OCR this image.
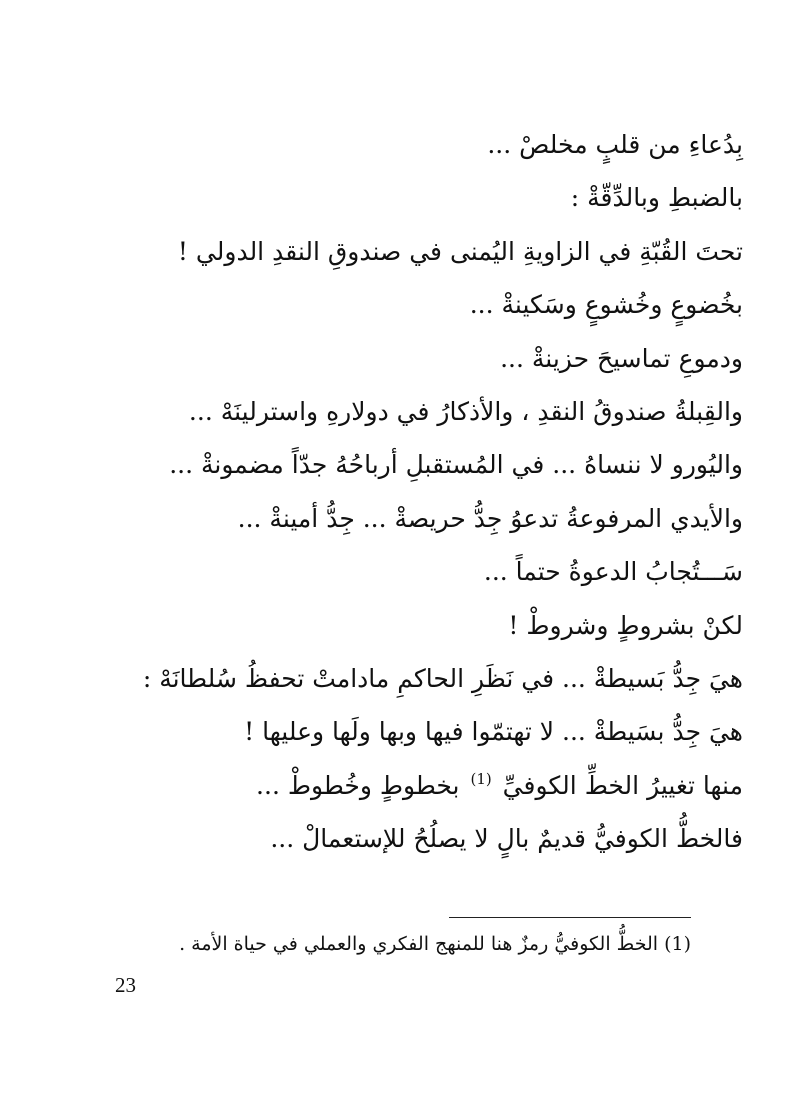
بِدُعاءِ من قلبٍ مخلصْ ...
بالضبطِ وبالدِّقّةْ :
تحتَ القُبّةِ في الزاويةِ اليُمنى في صندوقِ النقدِ الدولي !
بخُضوعٍ وخُشوعٍ وسَكينةْ ...
ودموعِ تماسيحَ حزينةْ ...
والقِبلةُ صندوقُ النقدِ ، والأذكارُ في دولارهِ واسترلينَهْ ...
واليُورو لا ننساهُ ... في المُستقبلِ أرباحُهُ جدّاً مضمونةْ ...
والأيدي المرفوعةُ تدعوُ جِدُّ حريصةْ ... جِدُّ أمينةْ ...
سَـــتُجابُ الدعوةُ حتماً ...
لكنْ بشروطٍ وشروطْ !
هيَ جِدُّ بَسيطةْ ... في نَظَرِ الحاكمِ مادامتْ تحفظُ سُلطانَهْ :
هيَ جِدُّ بسَيطةْ ... لا تهتمّوا فيها وبها ولَها وعليها !
منها تغييرُ الخطِّ الكوفيِّ $^{(1)}$ بخطوطٍ وخُطوطْ ...
فالخطُّ الكوفيُّ قديمٌ بالٍ لا يصلُحُ للإستعمالْ ...
(1) الخطُّ الكوفيُّ رمزٌ هنا للمنهج الفكري والعملي في حياة الأمة .
23
